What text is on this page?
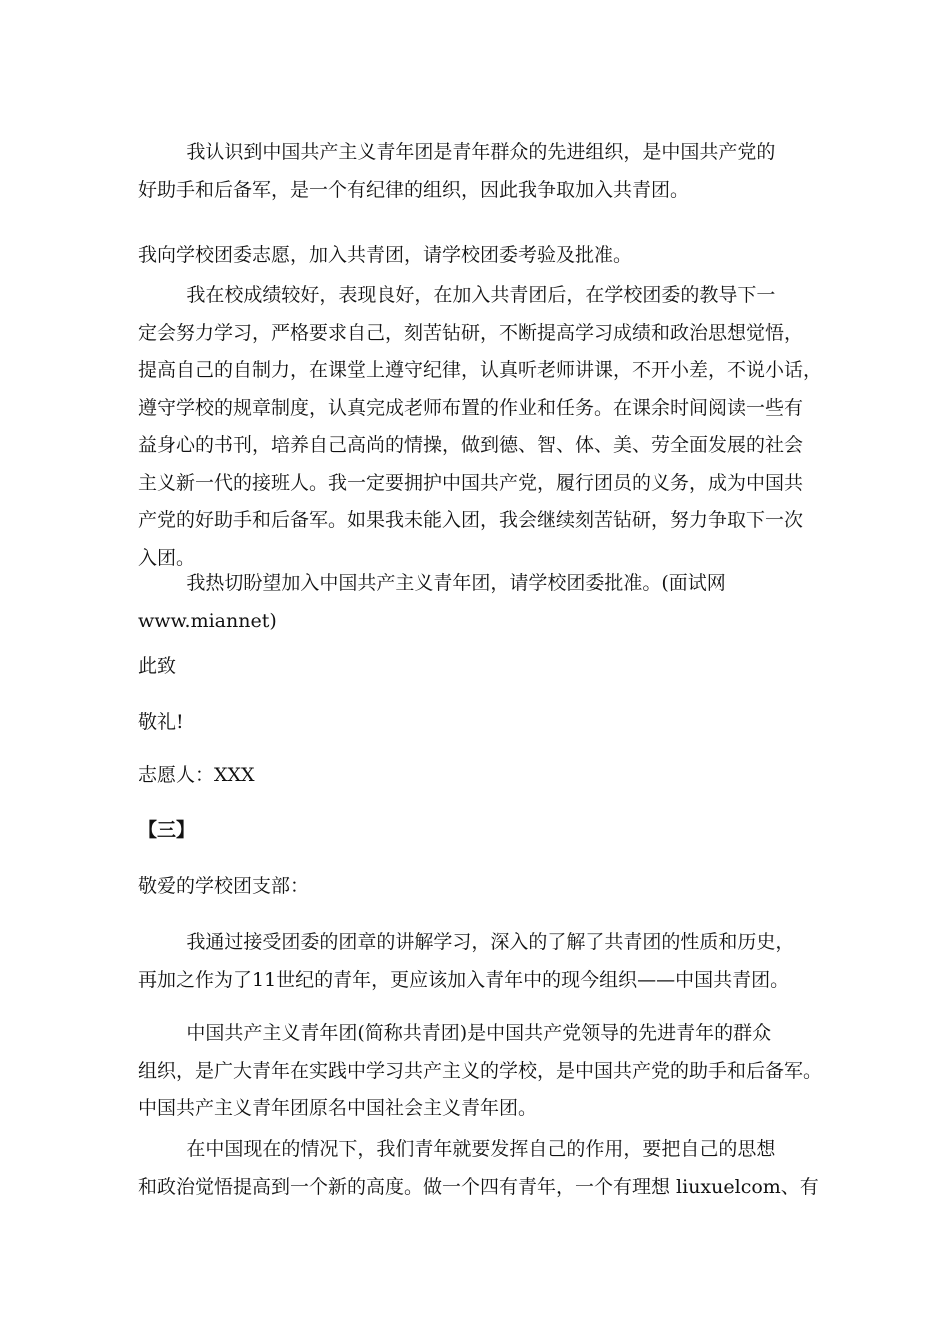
我认识到中国共产主义青年团是青年群众的先进组织，是中国共产党的
好助手和后备军，是一个有纪律的组织，因此我争取加入共青团。

我向学校团委志愿，加入共青团，请学校团委考验及批准。

我在校成绩较好，表现良好，在加入共青团后，在学校团委的教导下一
定会努力学习，严格要求自己，刻苦钻研，不断提高学习成绩和政治思想觉悟，
提高自己的自制力，在课堂上遵守纪律，认真听老师讲课，不开小差，不说小话，
遵守学校的规章制度，认真完成老师布置的作业和任务。在课余时间阅读一些有
益身心的书刊，培养自己高尚的情操，做到德、智、体、美、劳全面发展的社会
主义新一代的接班人。我一定要拥护中国共产党，履行团员的义务，成为中国共
产党的好助手和后备军。如果我未能入团，我会继续刻苦钻研，努力争取下一次
入团。

我热切盼望加入中国共产主义青年团，请学校团委批准。(面试网
www.miannet)

此致

敬礼!

志愿人：XXX

【三】

敬爱的学校团支部：

我通过接受团委的团章的讲解学习，深入的了解了共青团的性质和历史，
再加之作为了11世纪的青年，更应该加入青年中的现今组织——中国共青团。

中国共产主义青年团(简称共青团)是中国共产党领导的先进青年的群众
组织，是广大青年在实践中学习共产主义的学校，是中国共产党的助手和后备军。
中国共产主义青年团原名中国社会主义青年团。

在中国现在的情况下，我们青年就要发挥自己的作用，要把自己的思想
和政治觉悟提高到一个新的高度。做一个四有青年，一个有理想 liuxuelcom、有
